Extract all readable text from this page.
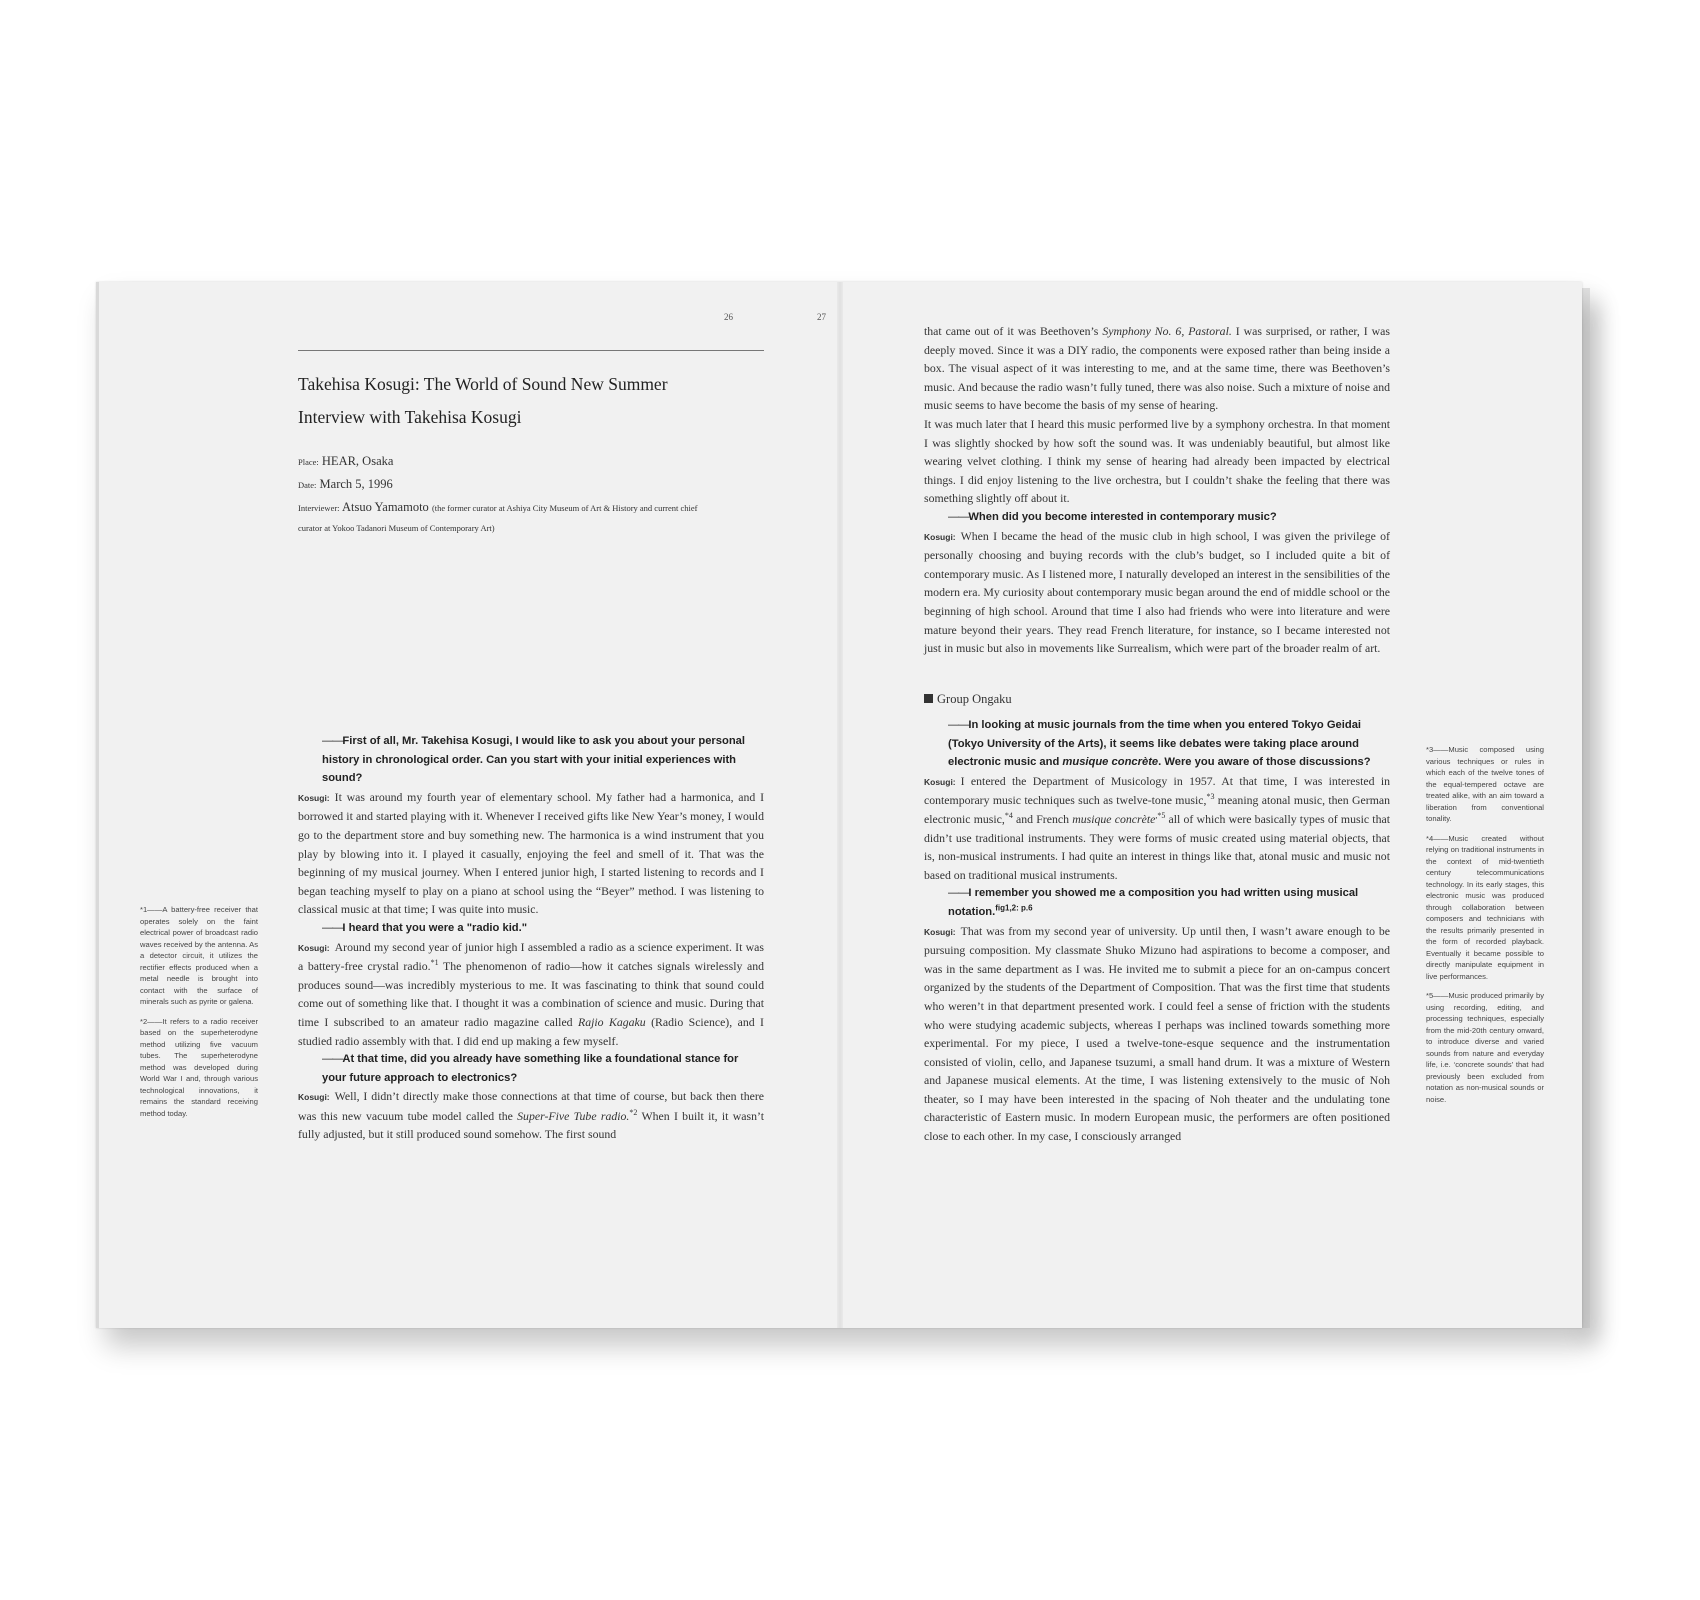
26	27
Takehisa Kosugi: The World of Sound New Summer
Interview with Takehisa Kosugi
Place: HEAR, Osaka
Date: March 5, 1996
Interviewer: Atsuo Yamamoto (the former curator at Ashiya City Museum of Art & History and current chief
curator at Yokoo Tadanori Museum of Contemporary Art)
——First of all, Mr. Takehisa Kosugi, I would like to ask you about your personal history in chronological order. Can you start with your initial experiences with sound?

Kosugi: It was around my fourth year of elementary school. My father had a harmonica, and I borrowed it and started playing with it. Whenever I received gifts like New Year’s money, I would go to the department store and buy something new. The harmonica is a wind instrument that you play by blowing into it. I played it casually, enjoying the feel and smell of it. That was the beginning of my musical journey. When I entered junior high, I started listening to records and I began teaching myself to play on a piano at school using the “Beyer” method. I was listening to classical music at that time; I was quite into music.

——I heard that you were a "radio kid."

Kosugi: Around my second year of junior high I assembled a radio as a science experiment. It was a battery-free crystal radio.$^{*1}$ The phenomenon of radio—how it catches signals wirelessly and produces sound—was incredibly mysterious to me. It was fascinating to think that sound could come out of something like that. I thought it was a combination of science and music. During that time I subscribed to an amateur radio magazine called Rajio Kagaku (Radio Science), and I studied radio assembly with that. I did end up making a few myself.

——At that time, did you already have something like a foundational stance for your future approach to electronics?

Kosugi: Well, I didn’t directly make those connections at that time of course, but back then there was this new vacuum tube model called the Super-Five Tube radio.$^{*2}$ When I built it, it wasn’t fully adjusted, but it still produced sound somehow. The first sound

*1——A battery-free receiver that operates solely on the faint electrical power of broadcast radio waves received by the antenna. As a detector circuit, it utilizes the rectifier effects produced when a metal needle is brought into contact with the surface of minerals such as pyrite or galena.

*2——It refers to a radio receiver based on the superheterodyne method utilizing five vacuum tubes. The superheterodyne method was developed during World War I and, through various technological innovations, it remains the standard receiving method today.

that came out of it was Beethoven’s Symphony No. 6, Pastoral. I was surprised, or rather, I was deeply moved. Since it was a DIY radio, the components were exposed rather than being inside a box. The visual aspect of it was interesting to me, and at the same time, there was Beethoven’s music. And because the radio wasn’t fully tuned, there was also noise. Such a mixture of noise and music seems to have become the basis of my sense of hearing.

It was much later that I heard this music performed live by a symphony orchestra. In that moment I was slightly shocked by how soft the sound was. It was undeniably beautiful, but almost like wearing velvet clothing. I think my sense of hearing had already been impacted by electrical things. I did enjoy listening to the live orchestra, but I couldn’t shake the feeling that there was something slightly off about it.

——When did you become interested in contemporary music?

Kosugi: When I became the head of the music club in high school, I was given the privilege of personally choosing and buying records with the club’s budget, so I included quite a bit of contemporary music. As I listened more, I naturally developed an interest in the sensibilities of the modern era. My curiosity about contemporary music began around the end of middle school or the beginning of high school. Around that time I also had friends who were into literature and were mature beyond their years. They read French literature, for instance, so I became interested not just in music but also in movements like Surrealism, which were part of the broader realm of art.

Group Ongaku
——In looking at music journals from the time when you entered Tokyo Geidai (Tokyo University of the Arts), it seems like debates were taking place around electronic music and musique concrète. Were you aware of those discussions?

Kosugi: I entered the Department of Musicology in 1957. At that time, I was interested in contemporary music techniques such as twelve-tone music,$^{*3}$ meaning atonal music, then German electronic music,$^{*4}$ and French musique concrète$^{,*5}$ all of which were basically types of music that didn’t use traditional instruments. They were forms of music created using material objects, that is, non-musical instruments. I had quite an interest in things like that, atonal music and music not based on traditional musical instruments.

——I remember you showed me a composition you had written using musical notation.$^{fig1,2: p.6}$

Kosugi: That was from my second year of university. Up until then, I wasn’t aware enough to be pursuing composition. My classmate Shuko Mizuno had aspirations to become a composer, and was in the same department as I was. He invited me to submit a piece for an on-campus concert organized by the students of the Department of Composition. That was the first time that students who weren’t in that department presented work. I could feel a sense of friction with the students who were studying academic subjects, whereas I perhaps was inclined towards something more experimental. For my piece, I used a twelve-tone-esque sequence and the instrumentation consisted of violin, cello, and Japanese tsuzumi, a small hand drum. It was a mixture of Western and Japanese musical elements. At the time, I was listening extensively to the music of Noh theater, so I may have been interested in the spacing of Noh theater and the undulating tone characteristic of Eastern music. In modern European music, the performers are often positioned close to each other. In my case, I consciously arranged

*3——Music composed using various techniques or rules in which each of the twelve tones of the equal-tempered octave are treated alike, with an aim toward a liberation from conventional tonality.

*4——Music created without relying on traditional instruments in the context of mid-twentieth century telecommunications technology. In its early stages, this electronic music was produced through collaboration between composers and technicians with the results primarily presented in the form of recorded playback. Eventually it became possible to directly manipulate equipment in live performances.

*5——Music produced primarily by using recording, editing, and processing techniques, especially from the mid-20th century onward, to introduce diverse and varied sounds from nature and everyday life, i.e. ‘concrete sounds’ that had previously been excluded from notation as non-musical sounds or noise.
